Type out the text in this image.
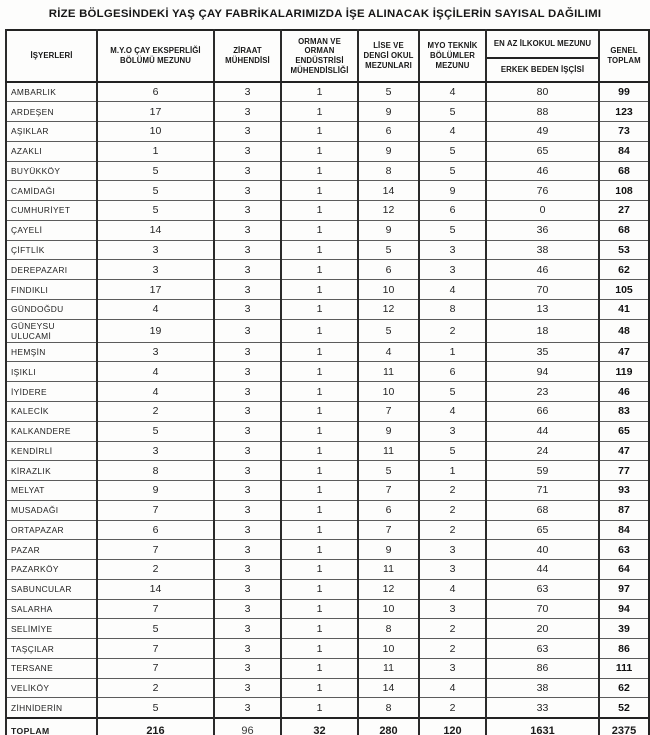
RİZE BÖLGESİNDEKİ YAŞ ÇAY FABRİKALARIMIZDA İŞE ALINACAK İŞÇİLERİN SAYISAL DAĞILIMI
İŞYERLERİ	M.Y.O ÇAY EKSPERLİĞİ BÖLÜMÜ MEZUNU	ZİRAAT MÜHENDİSİ	ORMAN VE ORMAN ENDÜSTRİSİ MÜHENDİSLİĞİ	LİSE VE DENGİ OKUL MEZUNLARI	MYO TEKNİK BÖLÜMLER MEZUNU	EN AZ İLKOKUL MEZUNU
ERKEK BEDEN İŞÇİSİ	GENEL TOPLAM
AMBARLIK	6	3	1	5	4	80	99
ARDEŞEN	17	3	1	9	5	88	123
AŞIKLAR	10	3	1	6	4	49	73
AZAKLI	1	3	1	9	5	65	84
BUYÜKKÖY	5	3	1	8	5	46	68
CAMİDAĞI	5	3	1	14	9	76	108
CUMHURİYET	5	3	1	12	6	0	27
ÇAYELİ	14	3	1	9	5	36	68
ÇİFTLİK	3	3	1	5	3	38	53
DEREPAZARI	3	3	1	6	3	46	62
FINDIKLI	17	3	1	10	4	70	105
GÜNDOĞDU	4	3	1	12	8	13	41
GÜNEYSU ULUCAMİ	19	3	1	5	2	18	48
HEMŞİN	3	3	1	4	1	35	47
IŞIKLI	4	3	1	11	6	94	119
İYİDERE	4	3	1	10	5	23	46
KALECİK	2	3	1	7	4	66	83
KALKANDERE	5	3	1	9	3	44	65
KENDİRLİ	3	3	1	11	5	24	47
KİRAZLIK	8	3	1	5	1	59	77
MELYAT	9	3	1	7	2	71	93
MUSADAĞI	7	3	1	6	2	68	87
ORTAPAZAR	6	3	1	7	2	65	84
PAZAR	7	3	1	9	3	40	63
PAZARKÖY	2	3	1	11	3	44	64
SABUNCULAR	14	3	1	12	4	63	97
SALARHA	7	3	1	10	3	70	94
SELİMİYE	5	3	1	8	2	20	39
TAŞÇILAR	7	3	1	10	2	63	86
TERSANE	7	3	1	11	3	86	111
VELİKÖY	2	3	1	14	4	38	62
ZİHNİDERİN	5	3	1	8	2	33	52
TOPLAM	216	96	32	280	120	1631	2375
